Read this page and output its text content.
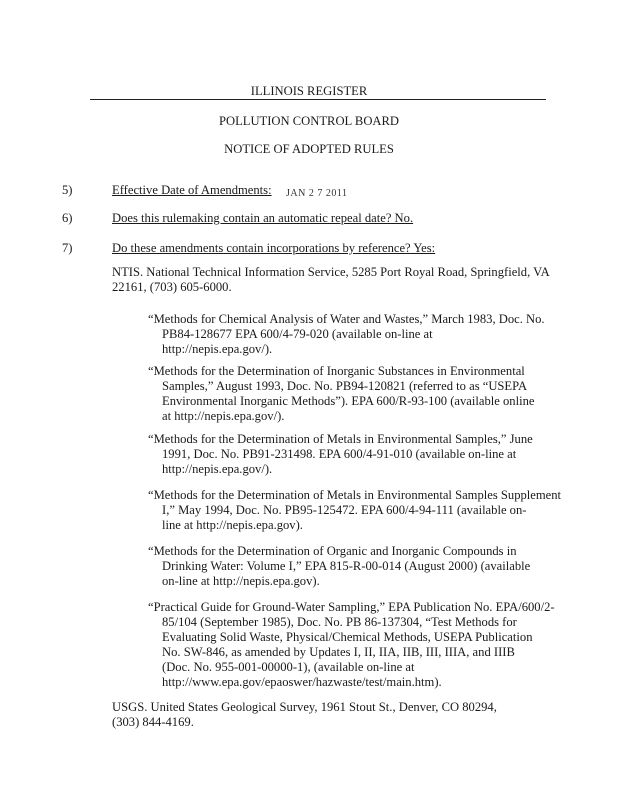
ILLINOIS REGISTER
POLLUTION CONTROL BOARD
NOTICE OF ADOPTED RULES
5)	Effective Date of Amendments: JAN 2 7 2011
6)	Does this rulemaking contain an automatic repeal date? No.
7)	Do these amendments contain incorporations by reference? Yes:
NTIS. National Technical Information Service, 5285 Port Royal Road, Springfield, VA
22161, (703) 605-6000.
“Methods for Chemical Analysis of Water and Wastes,” March 1983, Doc. No.
PB84-128677 EPA 600/4-79-020 (available on-line at
http://nepis.epa.gov/).
“Methods for the Determination of Inorganic Substances in Environmental
Samples,” August 1993, Doc. No. PB94-120821 (referred to as “USEPA
Environmental Inorganic Methods”). EPA 600/R-93-100 (available online
at http://nepis.epa.gov/).
“Methods for the Determination of Metals in Environmental Samples,” June
1991, Doc. No. PB91-231498. EPA 600/4-91-010 (available on-line at
http://nepis.epa.gov/).
“Methods for the Determination of Metals in Environmental Samples Supplement
I,” May 1994, Doc. No. PB95-125472. EPA 600/4-94-111 (available on-
line at http://nepis.epa.gov).
“Methods for the Determination of Organic and Inorganic Compounds in
Drinking Water: Volume I,” EPA 815-R-00-014 (August 2000) (available
on-line at http://nepis.epa.gov).
“Practical Guide for Ground-Water Sampling,” EPA Publication No. EPA/600/2-
85/104 (September 1985), Doc. No. PB 86-137304, “Test Methods for
Evaluating Solid Waste, Physical/Chemical Methods, USEPA Publication
No. SW-846, as amended by Updates I, II, IIA, IIB, III, IIIA, and IIIB
(Doc. No. 955-001-00000-1), (available on-line at
http://www.epa.gov/epaoswer/hazwaste/test/main.htm).
USGS. United States Geological Survey, 1961 Stout St., Denver, CO 80294,
(303) 844-4169.
